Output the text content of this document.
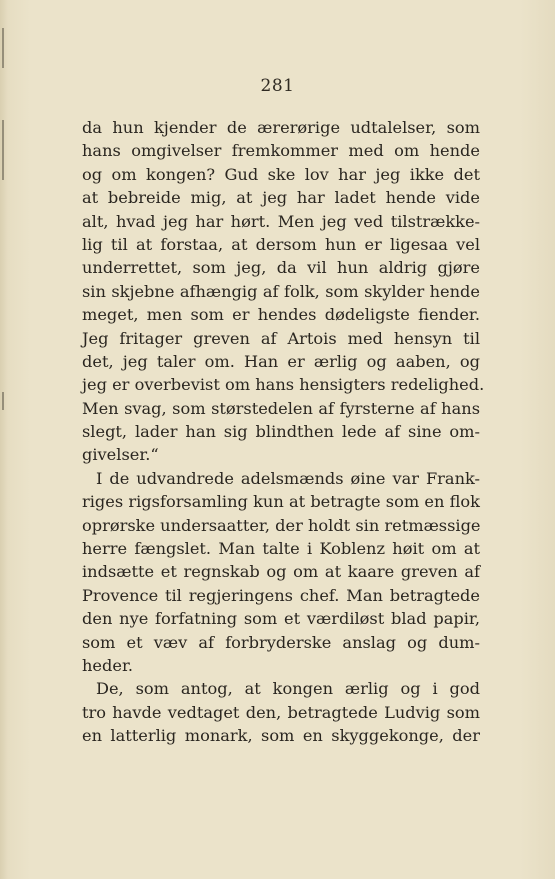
281
da hun kjender de ærerørige udtalelser, som
hans omgivelser fremkommer med om hende
og om kongen? Gud ske lov har jeg ikke det
at bebreide mig, at jeg har ladet hende vide
alt, hvad jeg har hørt. Men jeg ved tilstrække-
lig til at forstaa, at dersom hun er ligesaa vel
underrettet, som jeg, da vil hun aldrig gjøre
sin skjebne afhængig af folk, som skylder hende
meget, men som er hendes dødeligste fiender.
Jeg fritager greven af Artois med hensyn til
det, jeg taler om. Han er ærlig og aaben, og
jeg er overbevist om hans hensigters redelighed.
Men svag, som størstedelen af fyrsterne af hans
slegt, lader han sig blindthen lede af sine om-
givelser.“
I de udvandrede adelsmænds øine var Frank-
riges rigsforsamling kun at betragte som en flok
oprørske undersaatter, der holdt sin retmæssige
herre fængslet. Man talte i Koblenz høit om at
indsætte et regnskab og om at kaare greven af
Provence til regjeringens chef. Man betragtede
den nye forfatning som et værdiløst blad papir,
som et væv af forbryderske anslag og dum-
heder.
De, som antog, at kongen ærlig og i god
tro havde vedtaget den, betragtede Ludvig som
en latterlig monark, som en skyggekonge, der
